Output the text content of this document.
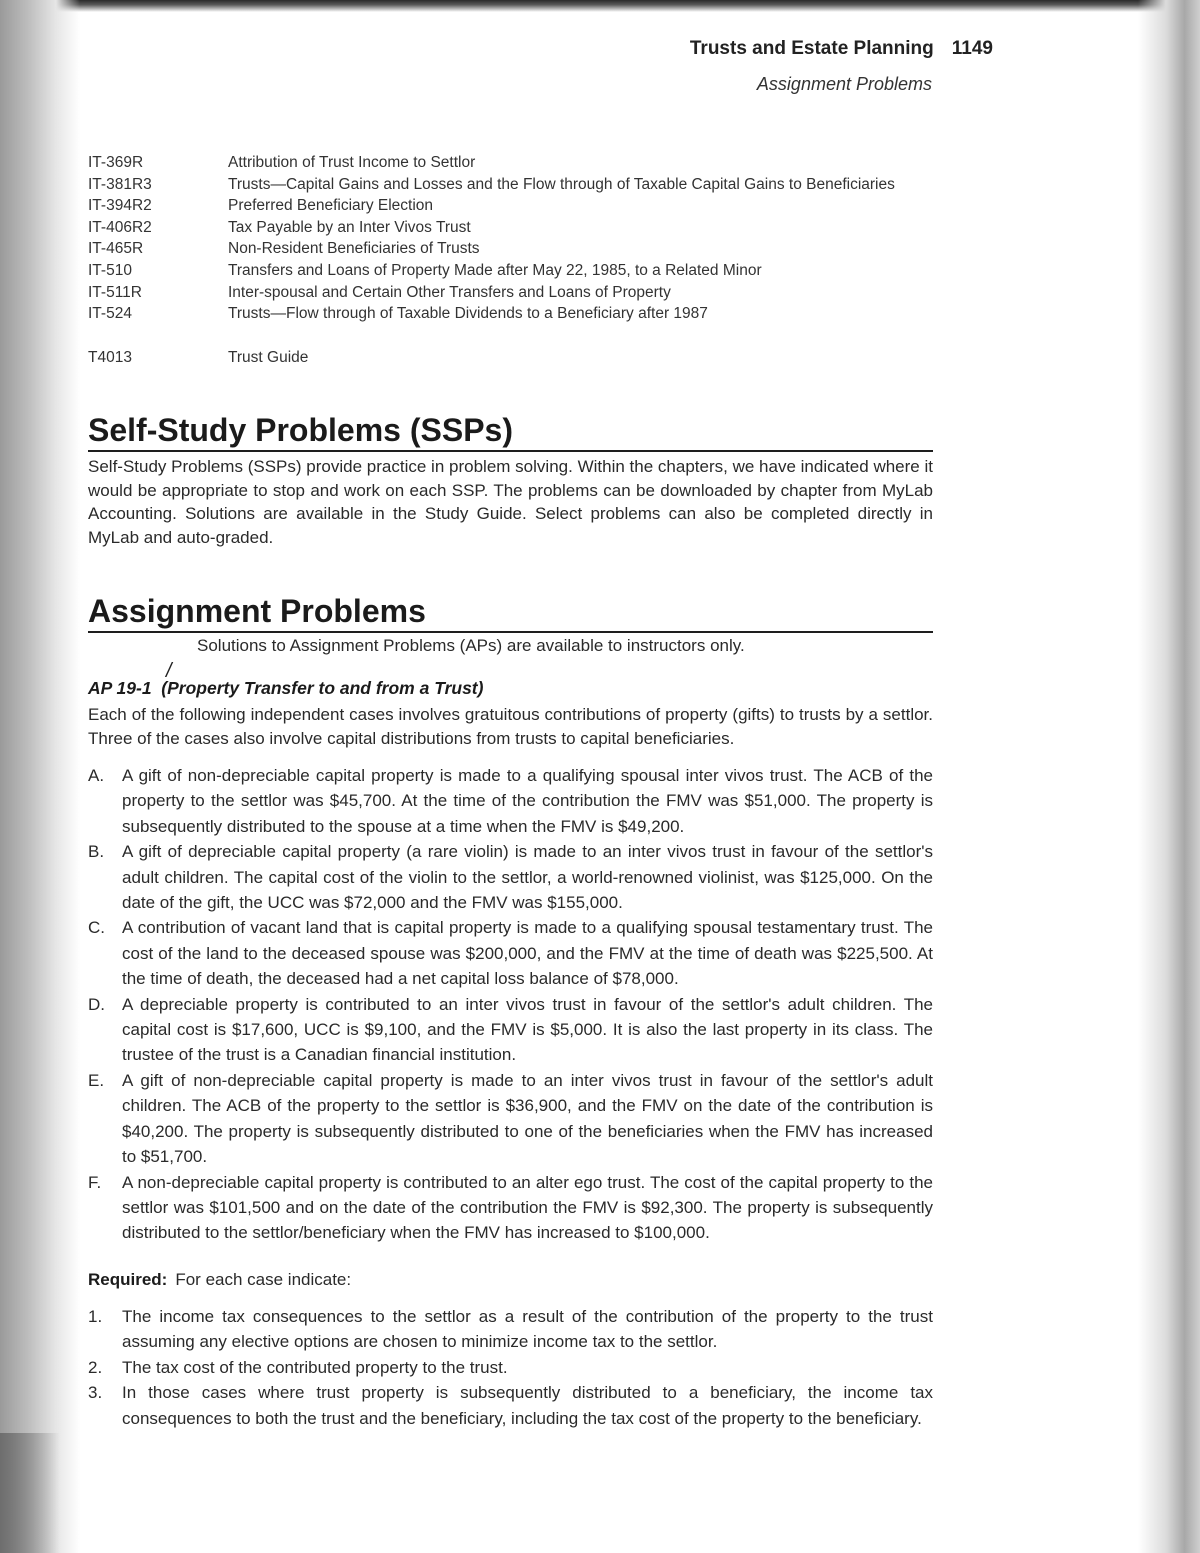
Trusts and Estate Planning 1149
Assignment Problems
IT-369R	Attribution of Trust Income to Settlor
IT-381R3	Trusts—Capital Gains and Losses and the Flow through of Taxable Capital Gains to Beneficiaries
IT-394R2	Preferred Beneficiary Election
IT-406R2	Tax Payable by an Inter Vivos Trust
IT-465R	Non-Resident Beneficiaries of Trusts
IT-510	Transfers and Loans of Property Made after May 22, 1985, to a Related Minor
IT-511R	Inter-spousal and Certain Other Transfers and Loans of Property
IT-524	Trusts—Flow through of Taxable Dividends to a Beneficiary after 1987
T4013	Trust Guide
Self-Study Problems (SSPs)
Self-Study Problems (SSPs) provide practice in problem solving. Within the chapters, we have indicated where it would be appropriate to stop and work on each SSP. The problems can be downloaded by chapter from MyLab Accounting. Solutions are available in the Study Guide. Select problems can also be completed directly in MyLab and auto-graded.
Assignment Problems
Solutions to Assignment Problems (APs) are available to instructors only.
/
AP 19-1  (Property Transfer to and from a Trust)
Each of the following independent cases involves gratuitous contributions of property (gifts) to trusts by a settlor. Three of the cases also involve capital distributions from trusts to capital beneficiaries.
A.	A gift of non-depreciable capital property is made to a qualifying spousal inter vivos trust. The ACB of the property to the settlor was $45,700. At the time of the contribution the FMV was $51,000. The property is subsequently distributed to the spouse at a time when the FMV is $49,200.
B.	A gift of depreciable capital property (a rare violin) is made to an inter vivos trust in favour of the settlor's adult children. The capital cost of the violin to the settlor, a world-renowned violinist, was $125,000. On the date of the gift, the UCC was $72,000 and the FMV was $155,000.
C.	A contribution of vacant land that is capital property is made to a qualifying spousal testamentary trust. The cost of the land to the deceased spouse was $200,000, and the FMV at the time of death was $225,500. At the time of death, the deceased had a net capital loss balance of $78,000.
D.	A depreciable property is contributed to an inter vivos trust in favour of the settlor's adult children. The capital cost is $17,600, UCC is $9,100, and the FMV is $5,000. It is also the last property in its class. The trustee of the trust is a Canadian financial institution.
E.	A gift of non-depreciable capital property is made to an inter vivos trust in favour of the settlor's adult children. The ACB of the property to the settlor is $36,900, and the FMV on the date of the contribution is $40,200. The property is subsequently distributed to one of the beneficiaries when the FMV has increased to $51,700.
F.	A non-depreciable capital property is contributed to an alter ego trust. The cost of the capital property to the settlor was $101,500 and on the date of the contribution the FMV is $92,300. The property is subsequently distributed to the settlor/beneficiary when the FMV has increased to $100,000.
Required: For each case indicate:
1.	The income tax consequences to the settlor as a result of the contribution of the property to the trust assuming any elective options are chosen to minimize income tax to the settlor.
2.	The tax cost of the contributed property to the trust.
3.	In those cases where trust property is subsequently distributed to a beneficiary, the income tax consequences to both the trust and the beneficiary, including the tax cost of the property to the beneficiary.
